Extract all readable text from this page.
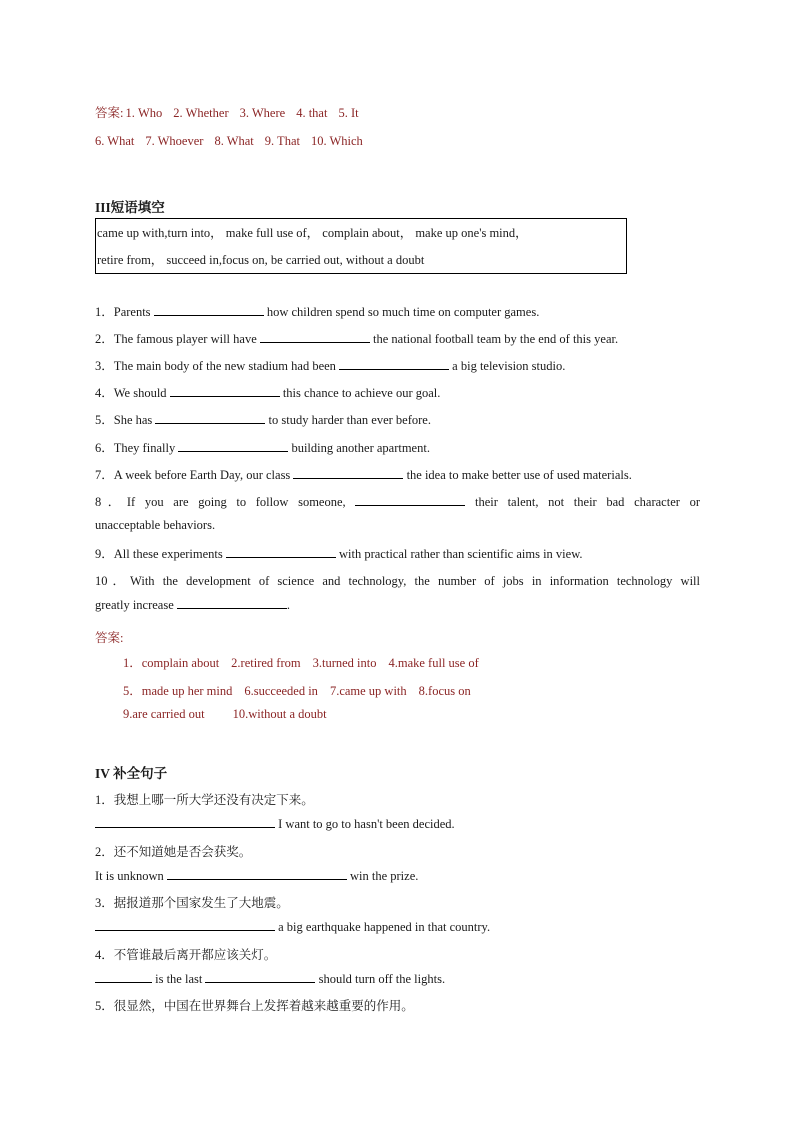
答案: 1. Who 2. Whether 3. Where 4. that 5. It
6. What 7. Whoever 8. What 9. That 10. Which
III短语填空
came up with,turn into， make full use of， complain about， make up one's mind，
retire from， succeed in,focus on, be carried out, without a doubt
1．Parents	how children spend so much time on computer games.
2．The famous player will have	the national football team by the end of this year.
3．The main body of the new stadium had been	a big television studio.
4．We should	this chance to achieve our goal.
5．She has	to study harder than ever before.
6．They finally	building another apartment.
7．A week before Earth Day, our class	the idea to make better use of used materials.
8．If you are going to follow someone,	their talent, not their bad character or
unacceptable behaviors.
9．All these experiments	with practical rather than scientific aims in view.
10．With the development of science and technology, the number of jobs in information technology will
greatly increase	.
答案:
1．complain about 2.retired from 3.turned into 4.make full use of
5．made up her mind 6.succeeded in 7.came up with 8.focus on
9.are carried out 10.without a doubt
IV 补全句子
1．我想上哪一所大学还没有决定下来。
I want to go to hasn't been decided.
2．还不知道她是否会获奖。
It is unknown	win the prize.
3．据报道那个国家发生了大地震。
a big earthquake happened in that country.
4．不管谁最后离开都应该关灯。
is the last	should turn off the lights.
5．很显然，中国在世界舞台上发挥着越来越重要的作用。
